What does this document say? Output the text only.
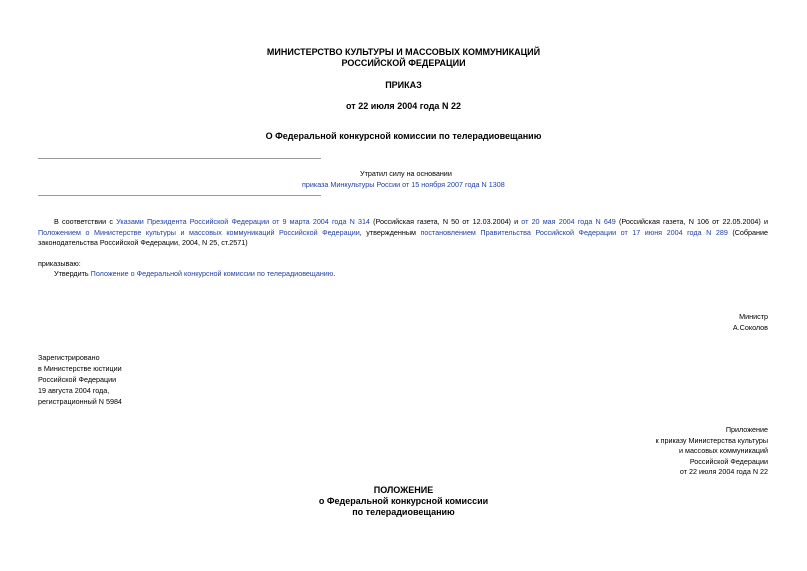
МИНИСТЕРСТВО КУЛЬТУРЫ И МАССОВЫХ КОММУНИКАЦИЙ
РОССИЙСКОЙ ФЕДЕРАЦИИ
ПРИКАЗ
от 22 июля 2004 года N 22
О Федеральной конкурсной комиссии по телерадиовещанию
Утратил силу на основании
приказа Минкультуры России от 15 ноября 2007 года N 1308
В соответствии с Указами Президента Российской Федерации от 9 марта 2004 года N 314 (Российская газета, N 50 от 12.03.2004) и от 20 мая 2004 года N 649 (Российская газета, N 106 от 22.05.2004) и Положением о Министерстве культуры и массовых коммуникаций Российской Федерации, утвержденным постановлением Правительства Российской Федерации от 17 июня 2004 года N 289 (Собрание законодательства Российской Федерации, 2004, N 25, ст.2571)
приказываю:
Утвердить Положение о Федеральной конкурсной комиссии по телерадиовещанию.
Министр
А.Соколов
Зарегистрировано
в Министерстве юстиции
Российской Федерации
19 августа 2004 года,
регистрационный N 5984
Приложение
к приказу Министерства культуры
и массовых коммуникаций
Российской Федерации
от 22 июля 2004 года N 22
ПОЛОЖЕНИЕ
о Федеральной конкурсной комиссии
по телерадиовещанию
